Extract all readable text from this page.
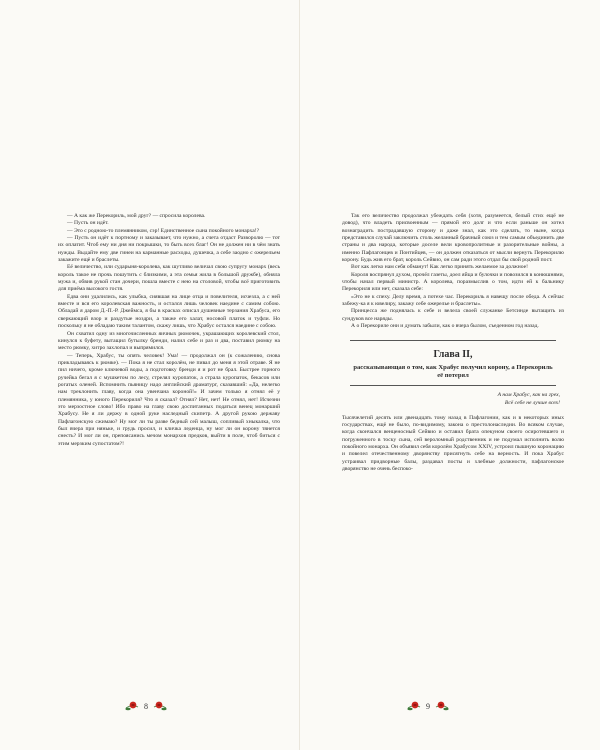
— А как же Перекориль, мой друг? — спросила королева.

— Пусть он идёт.

— Это с родною-то племянником, сэр! Единственное сына покойного монарха!?

— Пусть он идёт к портному и заказывает, что нужно, а счета отдаст Разворолю — тот их оплатит. Чтоб ему ни дня ни покрышки, то быть всех благ! Он не должен ни в чём знать нужды. Выдайте ему две гинеи на карманные расходы, душечка, а себе заодно с ожерельем закажите ещё и браслеты.

Её величество, или сударыня-королева, как шутливо величал свою супругу монарх (весь король такое не прочь пошутить с близкими, а эта семья жила в большой дружбе), обняла мужа и, обвив рукой стан дочери, пошла вместе с нею на столовой, чтобы всё приготовить для приёма высокого гостя.

Едва они удалились, как улыбка, сиявшая на лице отца и повелителя, исчезла, а с ней вместе и вся его королевская важность, и остался лишь человек наедине с самим собою. Обладай я даром Д.-П.-Р. Джеймса, я бы в красках описал душевные терзания Храбуса, его сверкающий взор и раздутые ноздри, а также его халат, носовой платок и туфли. Но поскольку я не обладаю таким талантом, скажу лишь, что Храбус остался наедине с собою.

Он схватил одну из многочисленных яичных рюмочек, украшающих королевский стол, кинулся к буфету, вытащил бутылку бренди, налил себе и раз и два, поставил рюмку на место рюмку, хитро захлопал и выпрямился.

— Теперь, Храбус, ты опять человек! Ума! — продолжал он (к сожалению, снова прикладываясь к рюмке). — Пока я не стал королём, не пивал до меня я этой отраве. Я не пил ничего, кроме ключевой воды, а подготовку бренди я и рот не брал. Быстрее горного ручейка бегал я с мушкетом по лесу, стрелял куропаток, а страла куропаток, бекасов или рогатых оленей. Вспомнить пьяницу надо английский драматург, сказавший: «Да, нелегко нам треклонить главу, когда она увенчана короной!» И зачем только я отнял её у племянника, у юного Перекориля? Что я сказал? Отнял? Нет, нет! Не отнял, нет! Исчезни это мерзостное слово! Ибо право на главу свою доспитанных податься венец монарший Храбусу. Не я ли держу в одной руке наследный скипетр. А другой рукою державу Пафлагонскую сжимаю? Ну мог ли ты разве бедный сей малыш, сопливый хныкалка, что был вчера при няньке, и грудь просил, и кличка леденца, ну мог ли он корону тянется снесть? И мог ли он, препоясанись мечом монархов предков, выйти в поле, чтоб биться с этим мерзким супостатом?!

8

Так его величество продолжал убеждать себя (хотя, разумеется, белый стих ещё не довод), что владеть присвоенным — прямой его долг и что если раньше он хотел вознаградить пострадавшую сторону и даже знал, как это сделать, то ныне, когда представился случай заключить столь желанный брачный союз и тем самым объединить две страны и два народа, которые доселе вели кровопролитные и разорительные войны, а именно Пафлагонцев и Понтийцев, — он должен отказаться от мысли вернуть Перекорилю корону. Будь жив его брат, король Сейвио, он сам ради этого отдал бы свой родной пост.

Вот как легко нам себя обманут! Как легко принять желаемое за должное!

Короля воспрянул духом, прочёл газеты, доел яйца и булочки и повозился в конюшнями, чтобы начал первый министр. А королева, поразмыслив о том, идти ей к бальнику Перекориля или нет, сказала себе:

«Это не к спеху. Делу время, а потехе час. Перекориль я навещу после обеда. А сейчас забежу-ка я к ювелиру, закажу себе ожерелье и браслеты».

Принцесса же поднялась к себе и велела своей служанке Бетсинде вытащить из сундуков все наряды.

А о Перекориле они и думать забыли, как о вчера былом, съеденном год назад.

Глава II,
рассказывающая о том, как Храбус получил корону, а Перекориль её потерял
А нам Храбус, как на грех,
Всё себе не лучше всех!

Тысячелетий десять или двенадцать тому назад в Пафлагонии, как и в некоторых иных государствах, ещё не было, по-видимому, закона о престолонаследии. Во всяком случае, когда скончался венценосный Сейвио и оставил брата опекуном своего осиротевшего и погруженного в тоску сына, сей вероломный родственник и не подумал исполнить волю покойного монарха. Он объявил себя королём Храбусом XXIV, устроил пышную коронацию и повелел отечественному дворянству присягнуть себе на верность. И пока Храбус устраивал придворные балы, раздавал посты и хлебные должности, пафлагонское дворянство не очень беспоко-

9
